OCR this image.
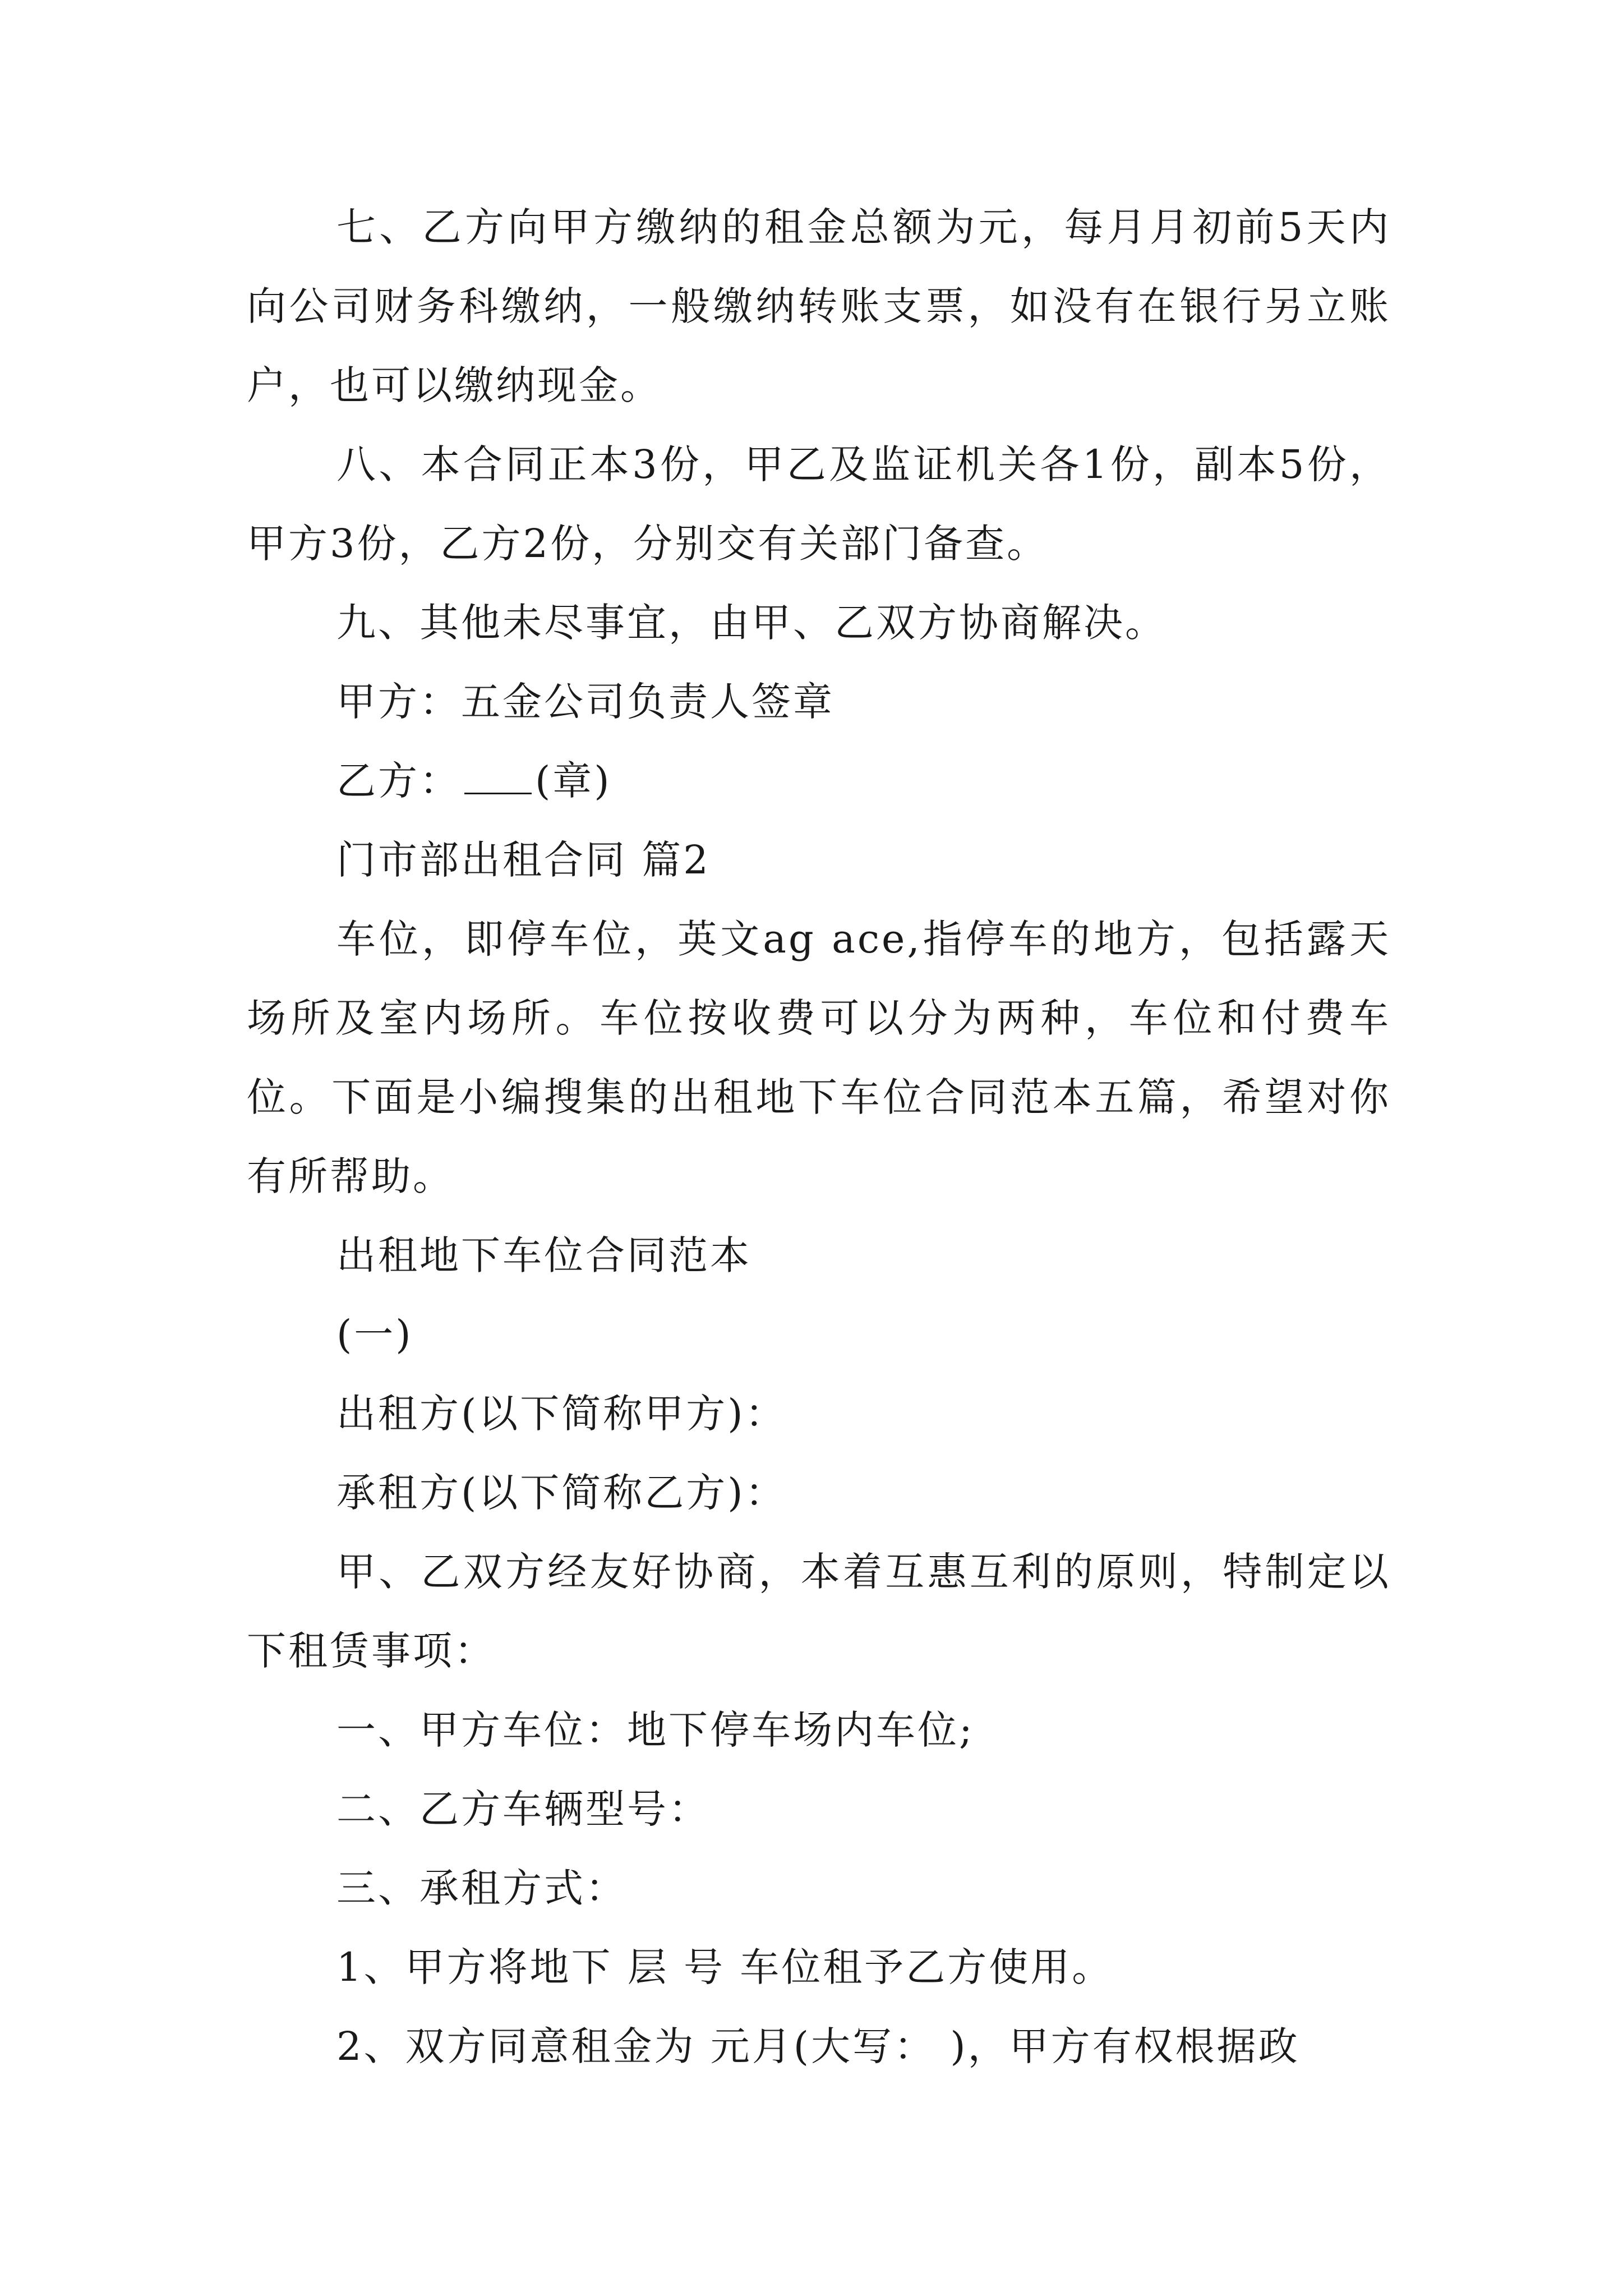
七、乙方向甲方缴纳的租金总额为元，每月月初前5天内向公司财务科缴纳，一般缴纳转账支票，如没有在银行另立账户，也可以缴纳现金。

八、本合同正本3份，甲乙及监证机关各1份，副本5份，甲方3份，乙方2份，分别交有关部门备查。

九、其他未尽事宜，由甲、乙双方协商解决。

甲方：五金公司负责人签章

乙方： (章)

门市部出租合同 篇2

车位，即停车位，英文ag ace,指停车的地方，包括露天场所及室内场所。车位按收费可以分为两种，车位和付费车位。下面是小编搜集的出租地下车位合同范本五篇，希望对你有所帮助。

出租地下车位合同范本

(一)

出租方(以下简称甲方)：

承租方(以下简称乙方)：

甲、乙双方经友好协商，本着互惠互利的原则，特制定以下租赁事项：

一、甲方车位：地下停车场内车位;

二、乙方车辆型号：

三、承租方式：

1、甲方将地下 层 号 车位租予乙方使用。

2、双方同意租金为 元月(大写： )，甲方有权根据政
